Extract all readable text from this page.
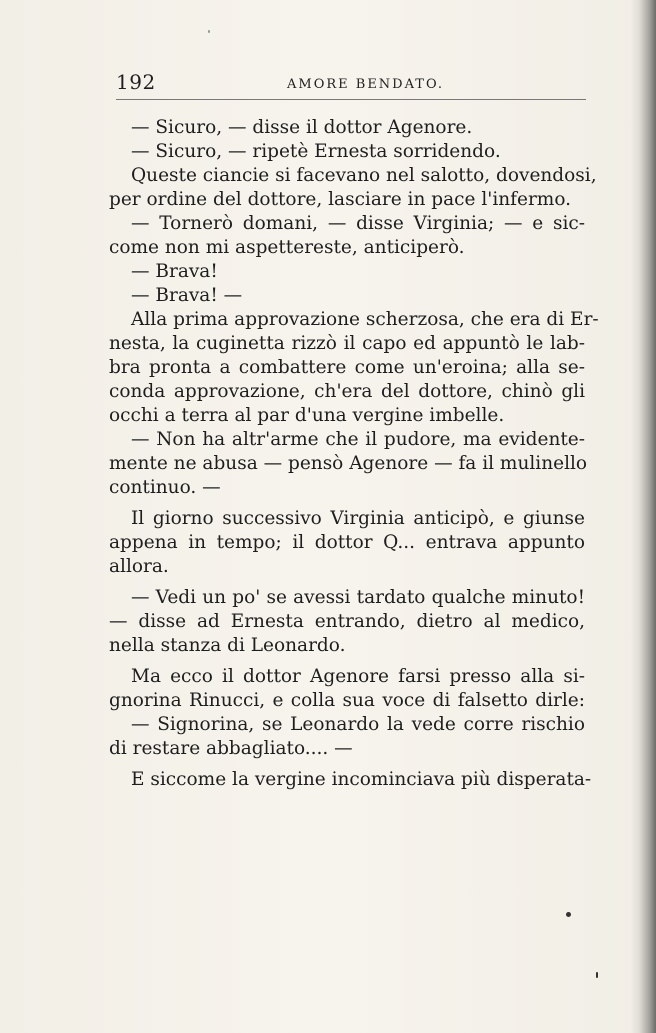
192	AMORE BENDATO.
— Sicuro, — disse il dottor Agenore.
— Sicuro, — ripetè Ernesta sorridendo.
Queste ciancie si facevano nel salotto, dovendosi,
per ordine del dottore, lasciare in pace l'infermo.
— Tornerò domani, — disse Virginia; — e sic-
come non mi aspettereste, anticiperò.
— Brava!
— Brava! —
Alla prima approvazione scherzosa, che era di Er-
nesta, la cuginetta rizzò il capo ed appuntò le lab-
bra pronta a combattere come un'eroina; alla se-
conda approvazione, ch'era del dottore, chinò gli
occhi a terra al par d'una vergine imbelle.
— Non ha altr'arme che il pudore, ma evidente-
mente ne abusa — pensò Agenore — fa il mulinello
continuo. —
Il giorno successivo Virginia anticipò, e giunse
appena in tempo; il dottor Q... entrava appunto
allora.
— Vedi un po' se avessi tardato qualche minuto!
— disse ad Ernesta entrando, dietro al medico,
nella stanza di Leonardo.
Ma ecco il dottor Agenore farsi presso alla si-
gnorina Rinucci, e colla sua voce di falsetto dirle:
— Signorina, se Leonardo la vede corre rischio
di restare abbagliato.... —
E siccome la vergine incominciava più disperata-
